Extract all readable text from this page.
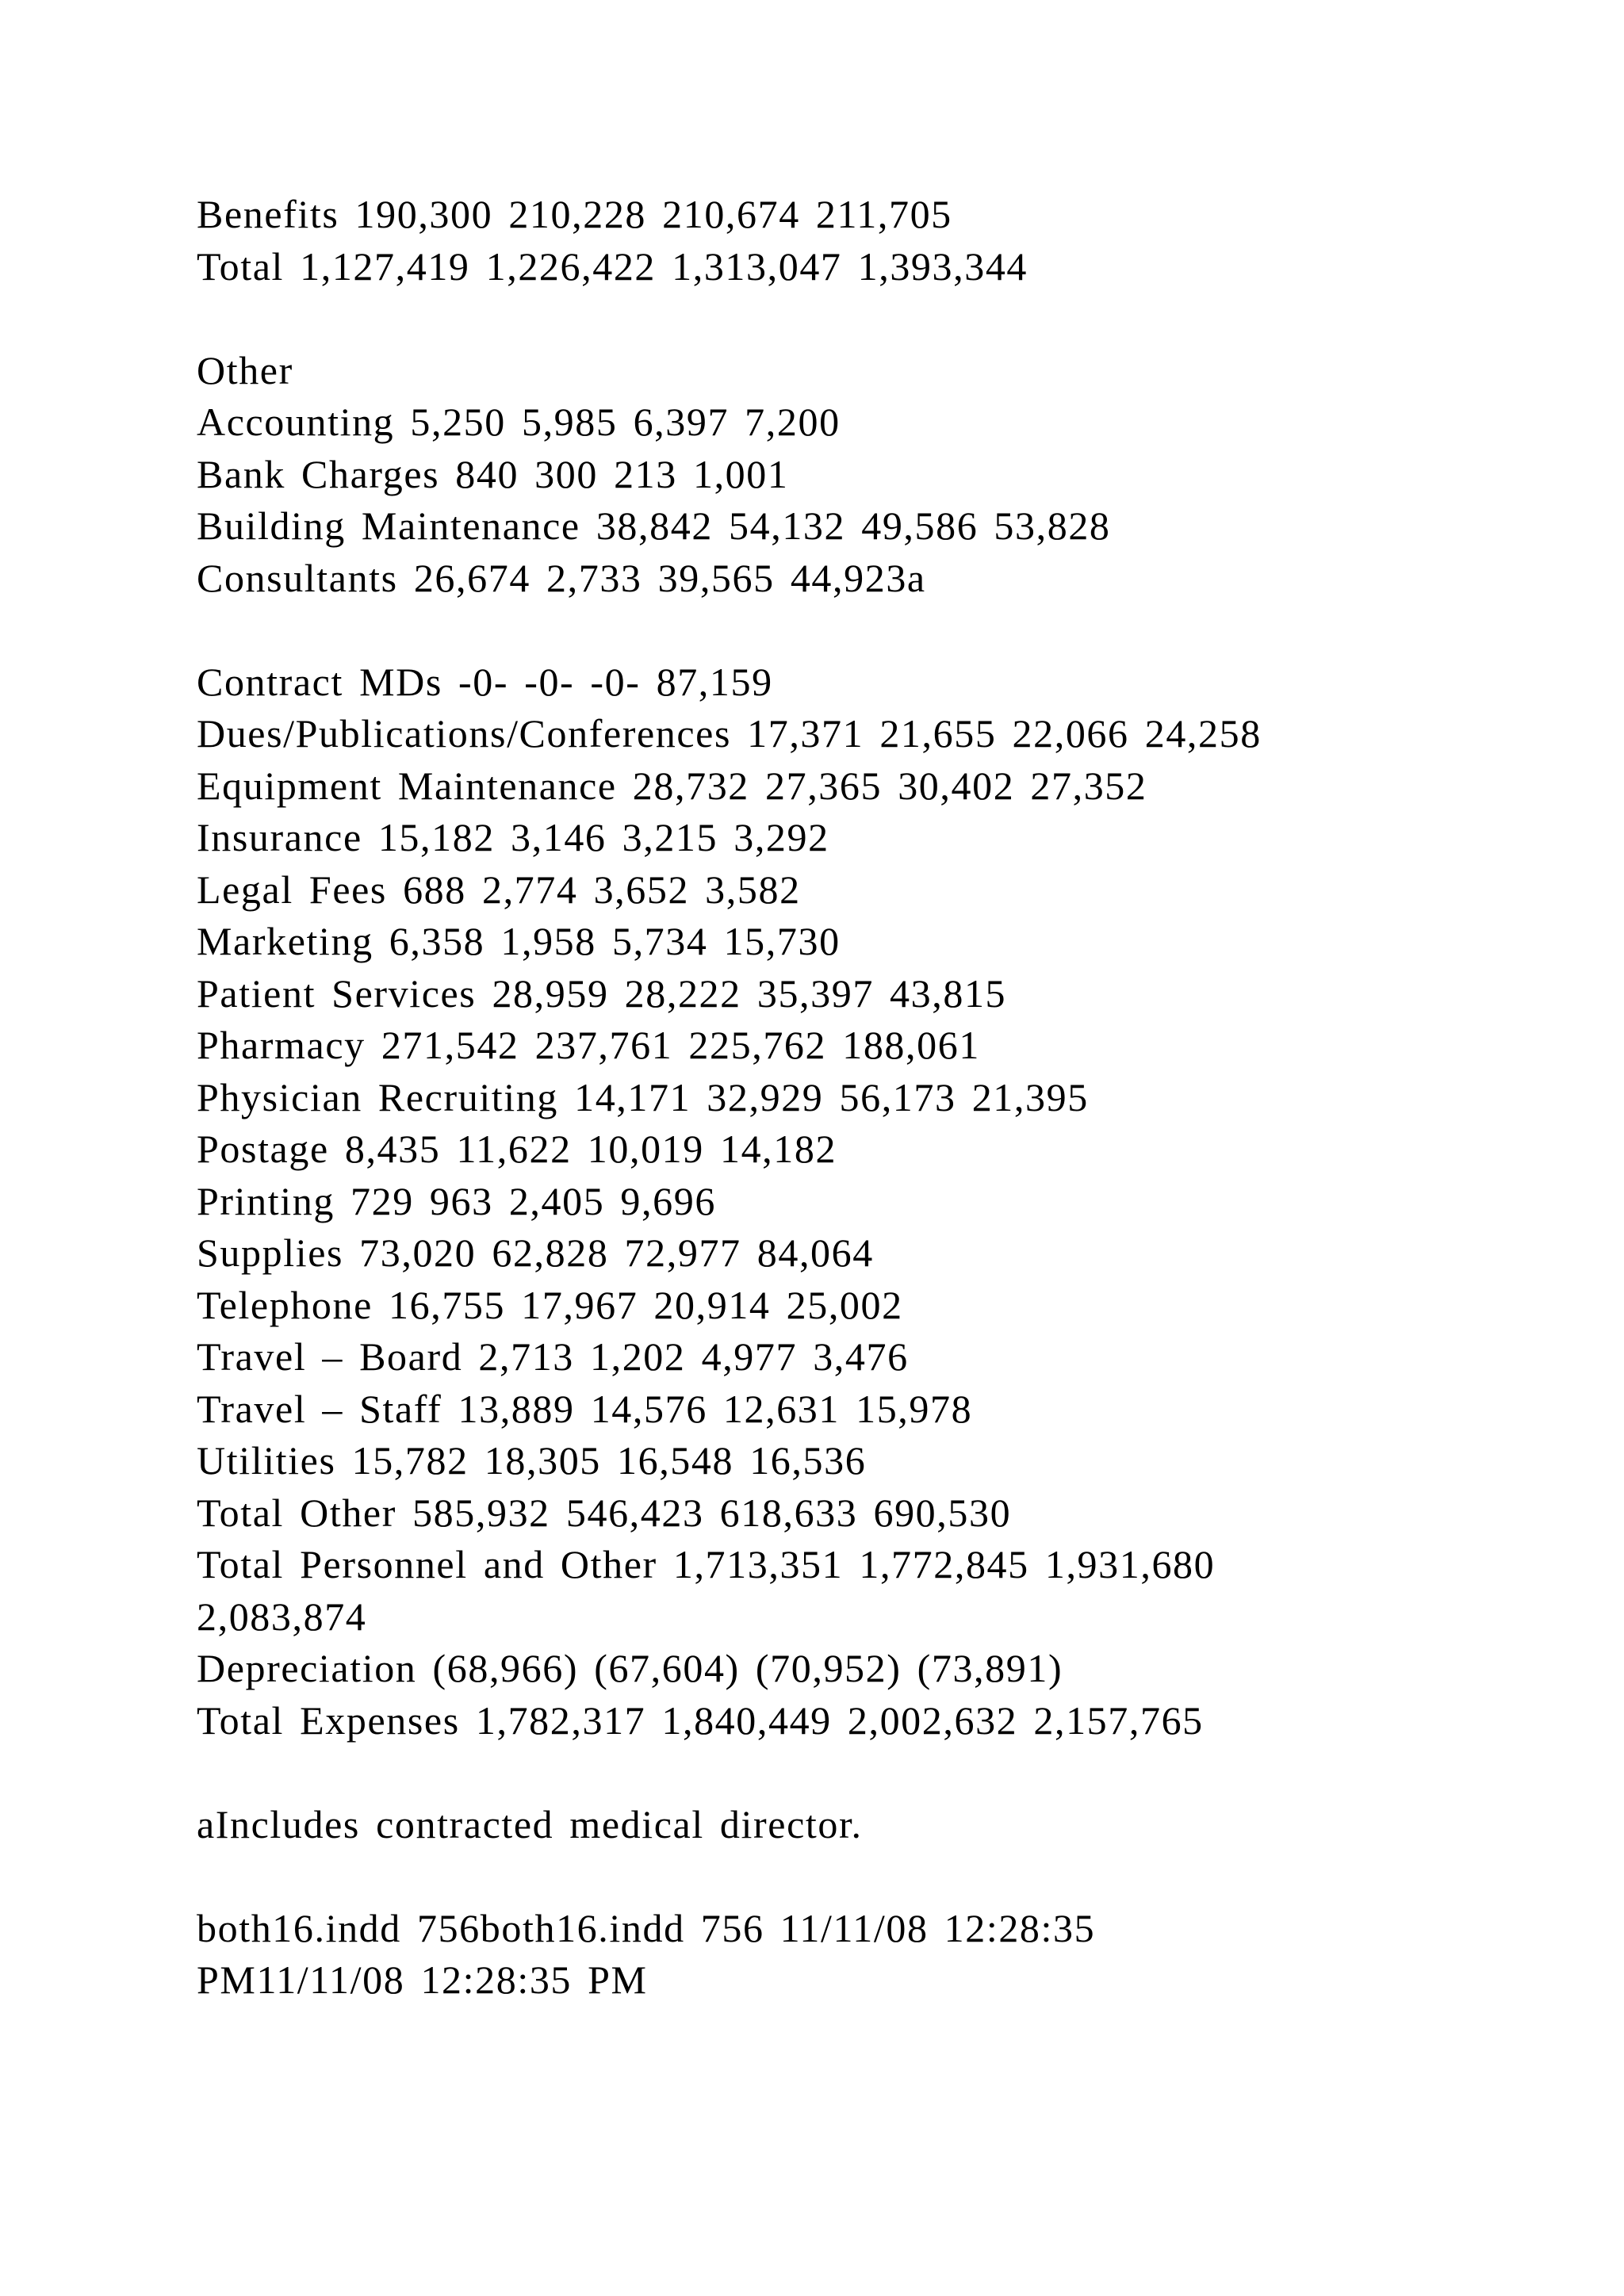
Benefits 190,300 210,228 210,674 211,705
Total 1,127,419 1,226,422 1,313,047 1,393,344
Other
Accounting 5,250 5,985 6,397 7,200
Bank Charges 840 300 213 1,001
Building Maintenance 38,842 54,132 49,586 53,828
Consultants 26,674 2,733 39,565 44,923a
Contract MDs -0- -0- -0- 87,159
Dues/Publications/Conferences 17,371 21,655 22,066 24,258
Equipment Maintenance 28,732 27,365 30,402 27,352
Insurance 15,182 3,146 3,215 3,292
Legal Fees 688 2,774 3,652 3,582
Marketing 6,358 1,958 5,734 15,730
Patient Services 28,959 28,222 35,397 43,815
Pharmacy 271,542 237,761 225,762 188,061
Physician Recruiting 14,171 32,929 56,173 21,395
Postage 8,435 11,622 10,019 14,182
Printing 729 963 2,405 9,696
Supplies 73,020 62,828 72,977 84,064
Telephone 16,755 17,967 20,914 25,002
Travel – Board 2,713 1,202 4,977 3,476
Travel – Staff 13,889 14,576 12,631 15,978
Utilities 15,782 18,305 16,548 16,536
Total Other 585,932 546,423 618,633 690,530
Total Personnel and Other 1,713,351 1,772,845 1,931,680
2,083,874
Depreciation (68,966) (67,604) (70,952) (73,891)
Total Expenses 1,782,317 1,840,449 2,002,632 2,157,765
aIncludes contracted medical director.
both16.indd 756both16.indd 756 11/11/08 12:28:35
PM11/11/08 12:28:35 PM
